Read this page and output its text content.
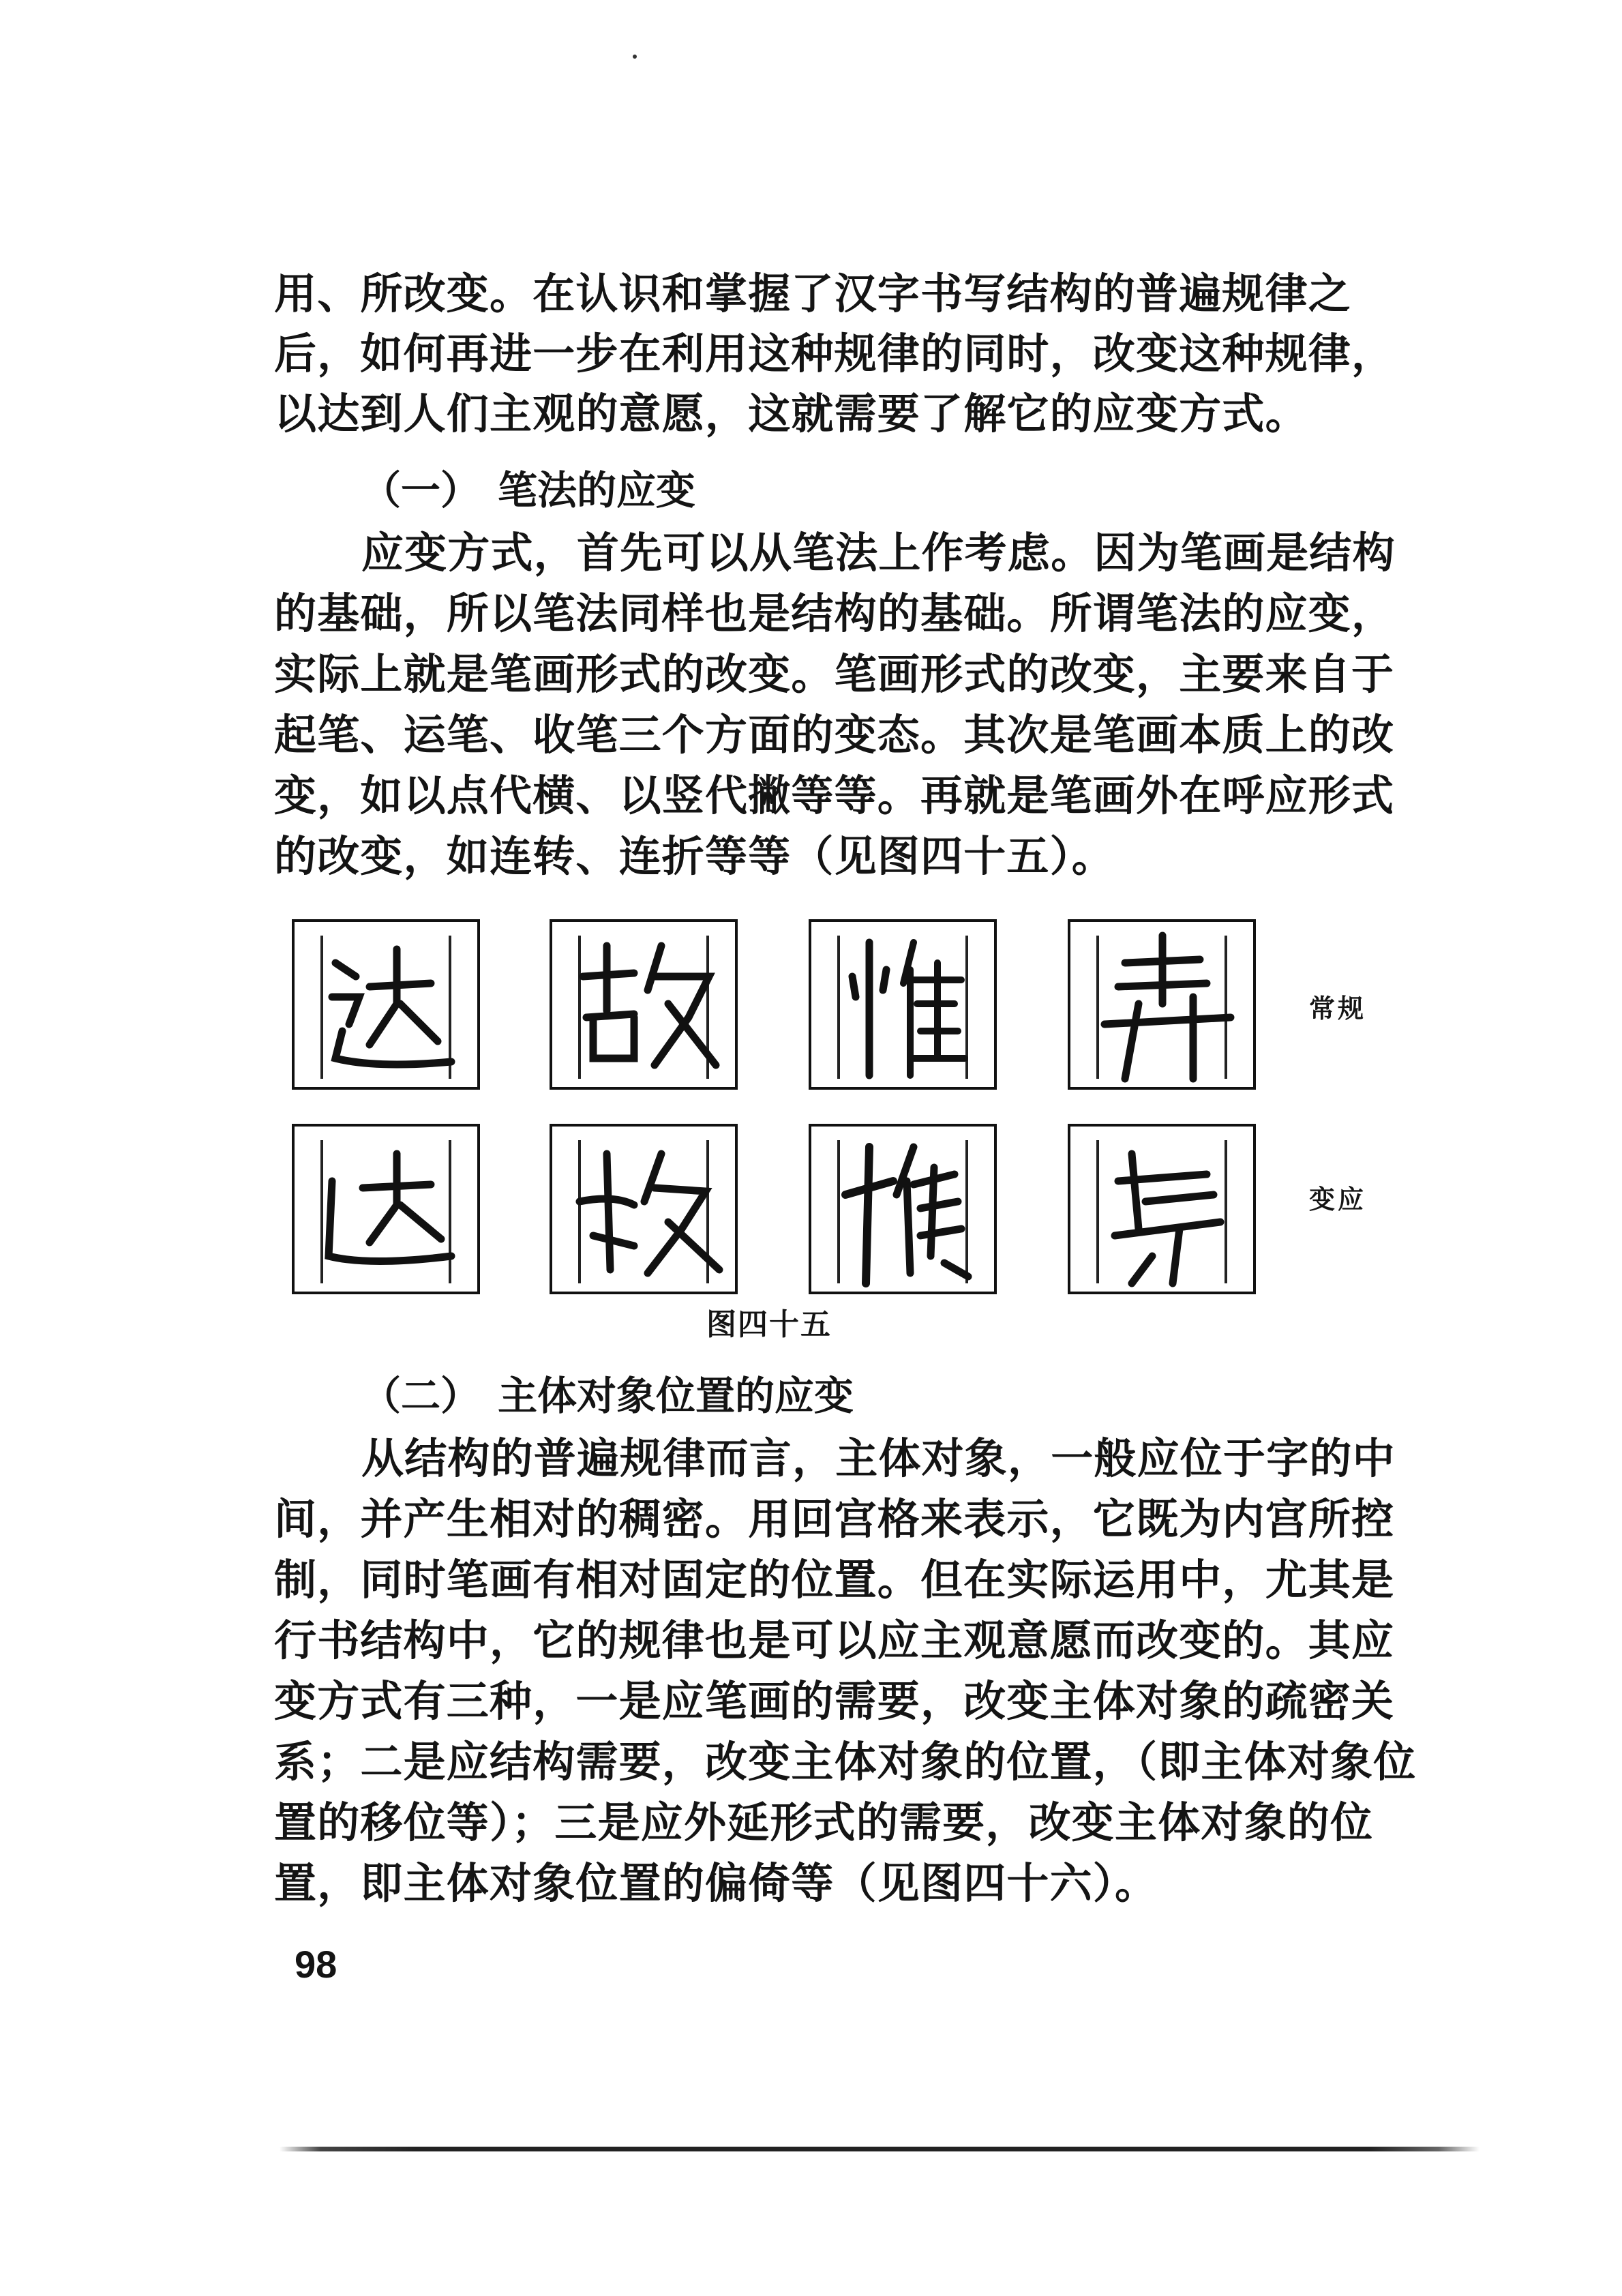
用、所改变。在认识和掌握了汉字书写结构的普遍规律之
后，如何再进一步在利用这种规律的同时，改变这种规律，
以达到人们主观的意愿，这就需要了解它的应变方式。
（一） 笔法的应变
应变方式，首先可以从笔法上作考虑。因为笔画是结构
的基础，所以笔法同样也是结构的基础。所谓笔法的应变，
实际上就是笔画形式的改变。笔画形式的改变，主要来自于
起笔、运笔、收笔三个方面的变态。其次是笔画本质上的改
变，如以点代横、以竖代撇等等。再就是笔画外在呼应形式
的改变，如连转、连折等等（见图四十五）。
常规
变应
图四十五
（二） 主体对象位置的应变
从结构的普遍规律而言，主体对象，一般应位于字的中
间，并产生相对的稠密。用回宫格来表示，它既为内宫所控
制，同时笔画有相对固定的位置。但在实际运用中，尤其是
行书结构中，它的规律也是可以应主观意愿而改变的。其应
变方式有三种，一是应笔画的需要，改变主体对象的疏密关
系；二是应结构需要，改变主体对象的位置，（即主体对象位
置的移位等）；三是应外延形式的需要，改变主体对象的位
置，即主体对象位置的偏倚等（见图四十六）。
98
